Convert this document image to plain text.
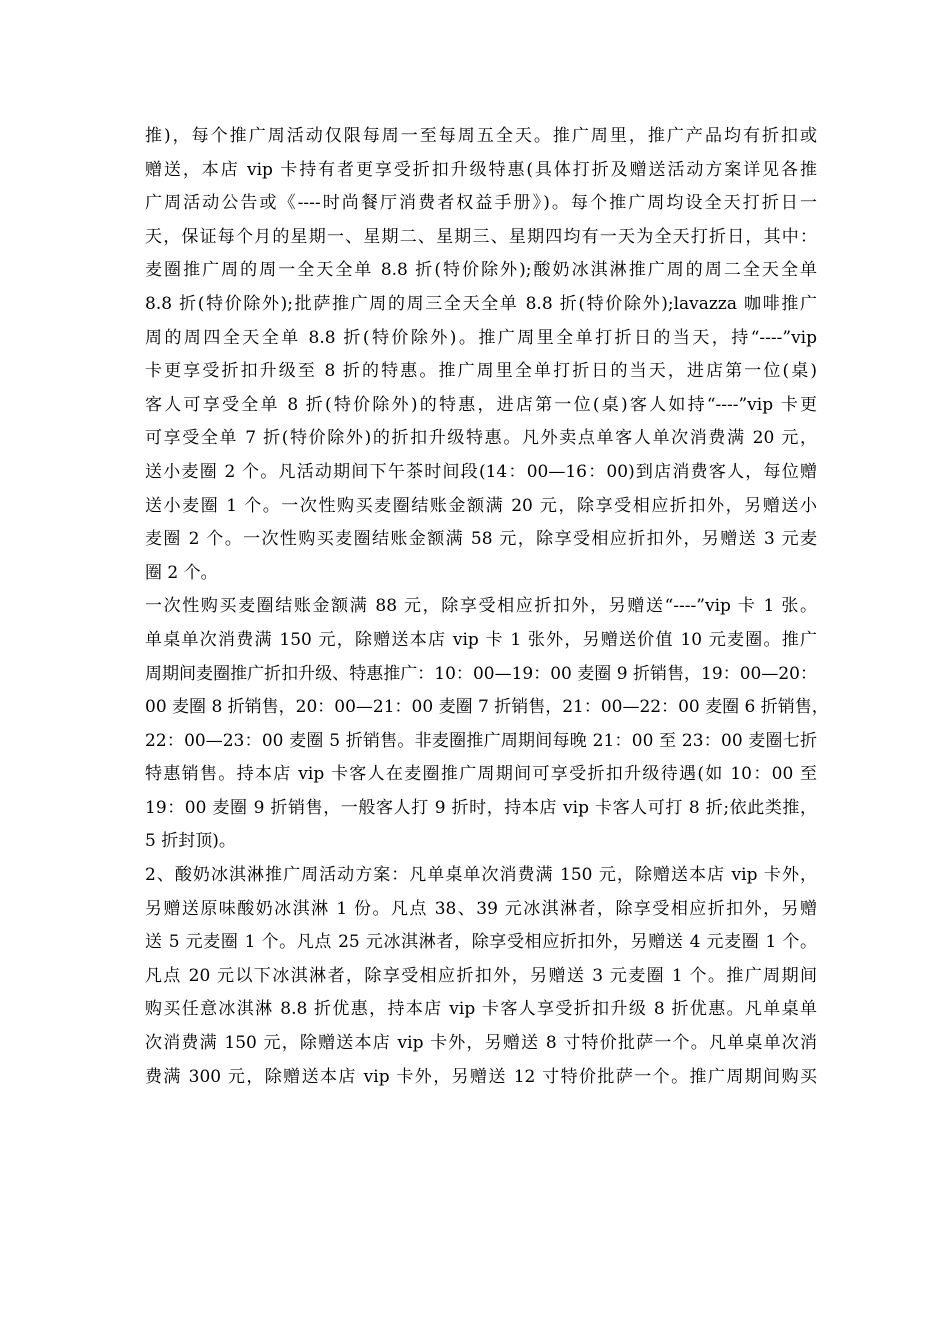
推)，每个推广周活动仅限每周一至每周五全天。推广周里，推广产品均有折扣或
赠送，本店 vip 卡持有者更享受折扣升级特惠(具体打折及赠送活动方案详见各推
广周活动公告或《----时尚餐厅消费者权益手册》)。每个推广周均设全天打折日一
天，保证每个月的星期一、星期二、星期三、星期四均有一天为全天打折日，其中：
麦圈推广周的周一全天全单 8.8 折(特价除外);酸奶冰淇淋推广周的周二全天全单
8.8 折(特价除外);批萨推广周的周三全天全单 8.8 折(特价除外);lavazza 咖啡推广
周的周四全天全单 8.8 折(特价除外)。推广周里全单打折日的当天，持“----”vip
卡更享受折扣升级至 8 折的特惠。推广周里全单打折日的当天，进店第一位(桌)
客人可享受全单 8 折(特价除外)的特惠，进店第一位(桌)客人如持“----”vip 卡更
可享受全单 7 折(特价除外)的折扣升级特惠。凡外卖点单客人单次消费满 20 元，
送小麦圈 2 个。凡活动期间下午茶时间段(14：00—16：00)到店消费客人，每位赠
送小麦圈 1 个。一次性购买麦圈结账金额满 20 元，除享受相应折扣外，另赠送小
麦圈 2 个。一次性购买麦圈结账金额满 58 元，除享受相应折扣外，另赠送 3 元麦
圈 2 个。
一次性购买麦圈结账金额满 88 元，除享受相应折扣外，另赠送“----”vip 卡 1 张。
单桌单次消费满 150 元，除赠送本店 vip 卡 1 张外，另赠送价值 10 元麦圈。推广
周期间麦圈推广折扣升级、特惠推广：10：00—19：00 麦圈 9 折销售，19：00—20：
00 麦圈 8 折销售，20：00—21：00 麦圈 7 折销售，21：00—22：00 麦圈 6 折销售，
22：00—23：00 麦圈 5 折销售。非麦圈推广周期间每晚 21：00 至 23：00 麦圈七折
特惠销售。持本店 vip 卡客人在麦圈推广周期间可享受折扣升级待遇(如 10：00 至
19：00 麦圈 9 折销售，一般客人打 9 折时，持本店 vip 卡客人可打 8 折;依此类推，
5 折封顶)。
2、酸奶冰淇淋推广周活动方案：凡单桌单次消费满 150 元，除赠送本店 vip 卡外，
另赠送原味酸奶冰淇淋 1 份。凡点 38、39 元冰淇淋者，除享受相应折扣外，另赠
送 5 元麦圈 1 个。凡点 25 元冰淇淋者，除享受相应折扣外，另赠送 4 元麦圈 1 个。
凡点 20 元以下冰淇淋者，除享受相应折扣外，另赠送 3 元麦圈 1 个。推广周期间
购买任意冰淇淋 8.8 折优惠，持本店 vip 卡客人享受折扣升级 8 折优惠。凡单桌单
次消费满 150 元，除赠送本店 vip 卡外，另赠送 8 寸特价批萨一个。凡单桌单次消
费满 300 元，除赠送本店 vip 卡外，另赠送 12 寸特价批萨一个。推广周期间购买
